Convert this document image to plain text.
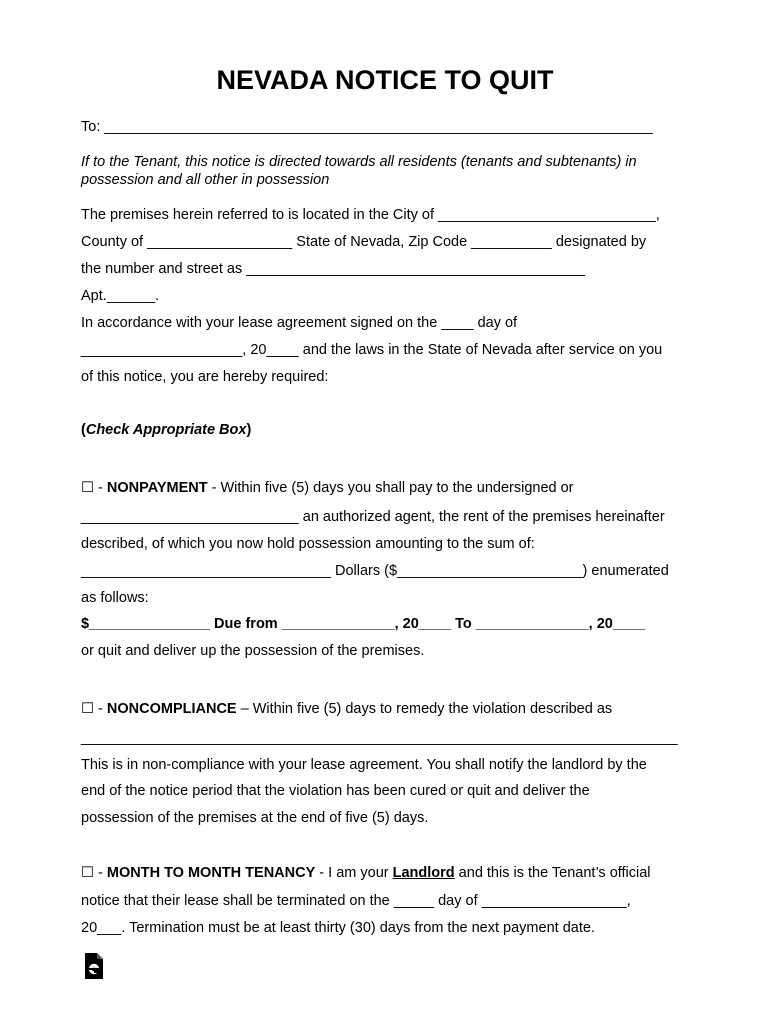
NEVADA NOTICE TO QUIT
To: ____________________________________________________________________
If to the Tenant, this notice is directed towards all residents (tenants and subtenants) in
possession and all other in possession
The premises herein referred to is located in the City of ___________________________,
County of __________________ State of Nevada, Zip Code __________ designated by
the number and street as __________________________________________
Apt.______.
In accordance with your lease agreement signed on the ____ day of
____________________, 20____ and the laws in the State of Nevada after service on you
of this notice, you are hereby required:
(Check Appropriate Box)
☐ - NONPAYMENT - Within five (5) days you shall pay to the undersigned or
___________________________ an authorized agent, the rent of the premises hereinafter
described, of which you now hold possession amounting to the sum of:
_______________________________ Dollars ($_______________________) enumerated
as follows:
$_______________ Due from ______________, 20____ To ______________, 20____
or quit and deliver up the possession of the premises.
☐ - NONCOMPLIANCE – Within five (5) days to remedy the violation described as
__________________________________________________________________________
This is in non-compliance with your lease agreement. You shall notify the landlord by the
end of the notice period that the violation has been cured or quit and deliver the
possession of the premises at the end of five (5) days.
☐ - MONTH TO MONTH TENANCY - I am your Landlord and this is the Tenant’s official
notice that their lease shall be terminated on the _____ day of __________________,
20___. Termination must be at least thirty (30) days from the next payment date.
